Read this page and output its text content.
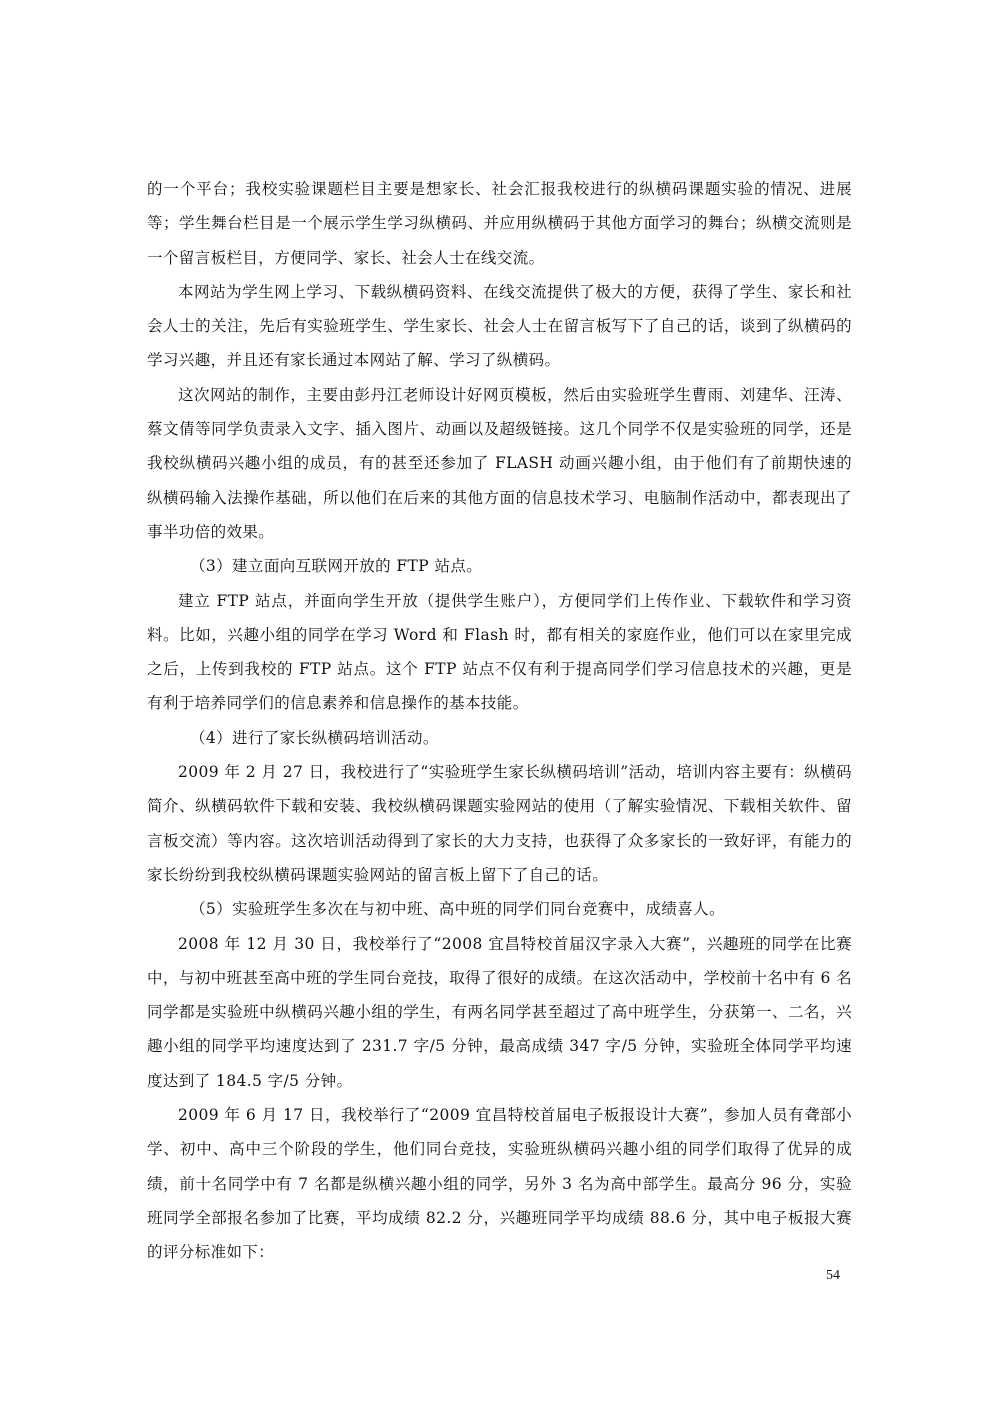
的一个平台；我校实验课题栏目主要是想家长、社会汇报我校进行的纵横码课题实验的情况、进展等；学生舞台栏目是一个展示学生学习纵横码、并应用纵横码于其他方面学习的舞台；纵横交流则是一个留言板栏目，方便同学、家长、社会人士在线交流。

本网站为学生网上学习、下载纵横码资料、在线交流提供了极大的方便，获得了学生、家长和社会人士的关注，先后有实验班学生、学生家长、社会人士在留言板写下了自己的话，谈到了纵横码的学习兴趣，并且还有家长通过本网站了解、学习了纵横码。

这次网站的制作，主要由彭丹江老师设计好网页模板，然后由实验班学生曹雨、刘建华、汪涛、蔡文倩等同学负责录入文字、插入图片、动画以及超级链接。这几个同学不仅是实验班的同学，还是我校纵横码兴趣小组的成员，有的甚至还参加了 FLASH 动画兴趣小组，由于他们有了前期快速的纵横码输入法操作基础，所以他们在后来的其他方面的信息技术学习、电脑制作活动中，都表现出了事半功倍的效果。

（3）建立面向互联网开放的 FTP 站点。

建立 FTP 站点，并面向学生开放（提供学生账户），方便同学们上传作业、下载软件和学习资料。比如，兴趣小组的同学在学习 Word 和 Flash 时，都有相关的家庭作业，他们可以在家里完成之后，上传到我校的 FTP 站点。这个 FTP 站点不仅有利于提高同学们学习信息技术的兴趣，更是有利于培养同学们的信息素养和信息操作的基本技能。

（4）进行了家长纵横码培训活动。

2009 年 2 月 27 日，我校进行了“实验班学生家长纵横码培训”活动，培训内容主要有：纵横码简介、纵横码软件下载和安装、我校纵横码课题实验网站的使用（了解实验情况、下载相关软件、留言板交流）等内容。这次培训活动得到了家长的大力支持，也获得了众多家长的一致好评，有能力的家长纷纷到我校纵横码课题实验网站的留言板上留下了自己的话。

（5）实验班学生多次在与初中班、高中班的同学们同台竞赛中，成绩喜人。

2008 年 12 月 30 日，我校举行了“2008 宜昌特校首届汉字录入大赛”，兴趣班的同学在比赛中，与初中班甚至高中班的学生同台竞技，取得了很好的成绩。在这次活动中，学校前十名中有 6 名同学都是实验班中纵横码兴趣小组的学生，有两名同学甚至超过了高中班学生，分获第一、二名，兴趣小组的同学平均速度达到了 231.7 字/5 分钟，最高成绩 347 字/5 分钟，实验班全体同学平均速度达到了 184.5 字/5 分钟。

2009 年 6 月 17 日，我校举行了“2009 宜昌特校首届电子板报设计大赛”，参加人员有聋部小学、初中、高中三个阶段的学生，他们同台竞技，实验班纵横码兴趣小组的同学们取得了优异的成绩，前十名同学中有 7 名都是纵横兴趣小组的同学，另外 3 名为高中部学生。最高分 96 分，实验班同学全部报名参加了比赛，平均成绩 82.2 分，兴趣班同学平均成绩 88.6 分，其中电子板报大赛的评分标准如下：

54
